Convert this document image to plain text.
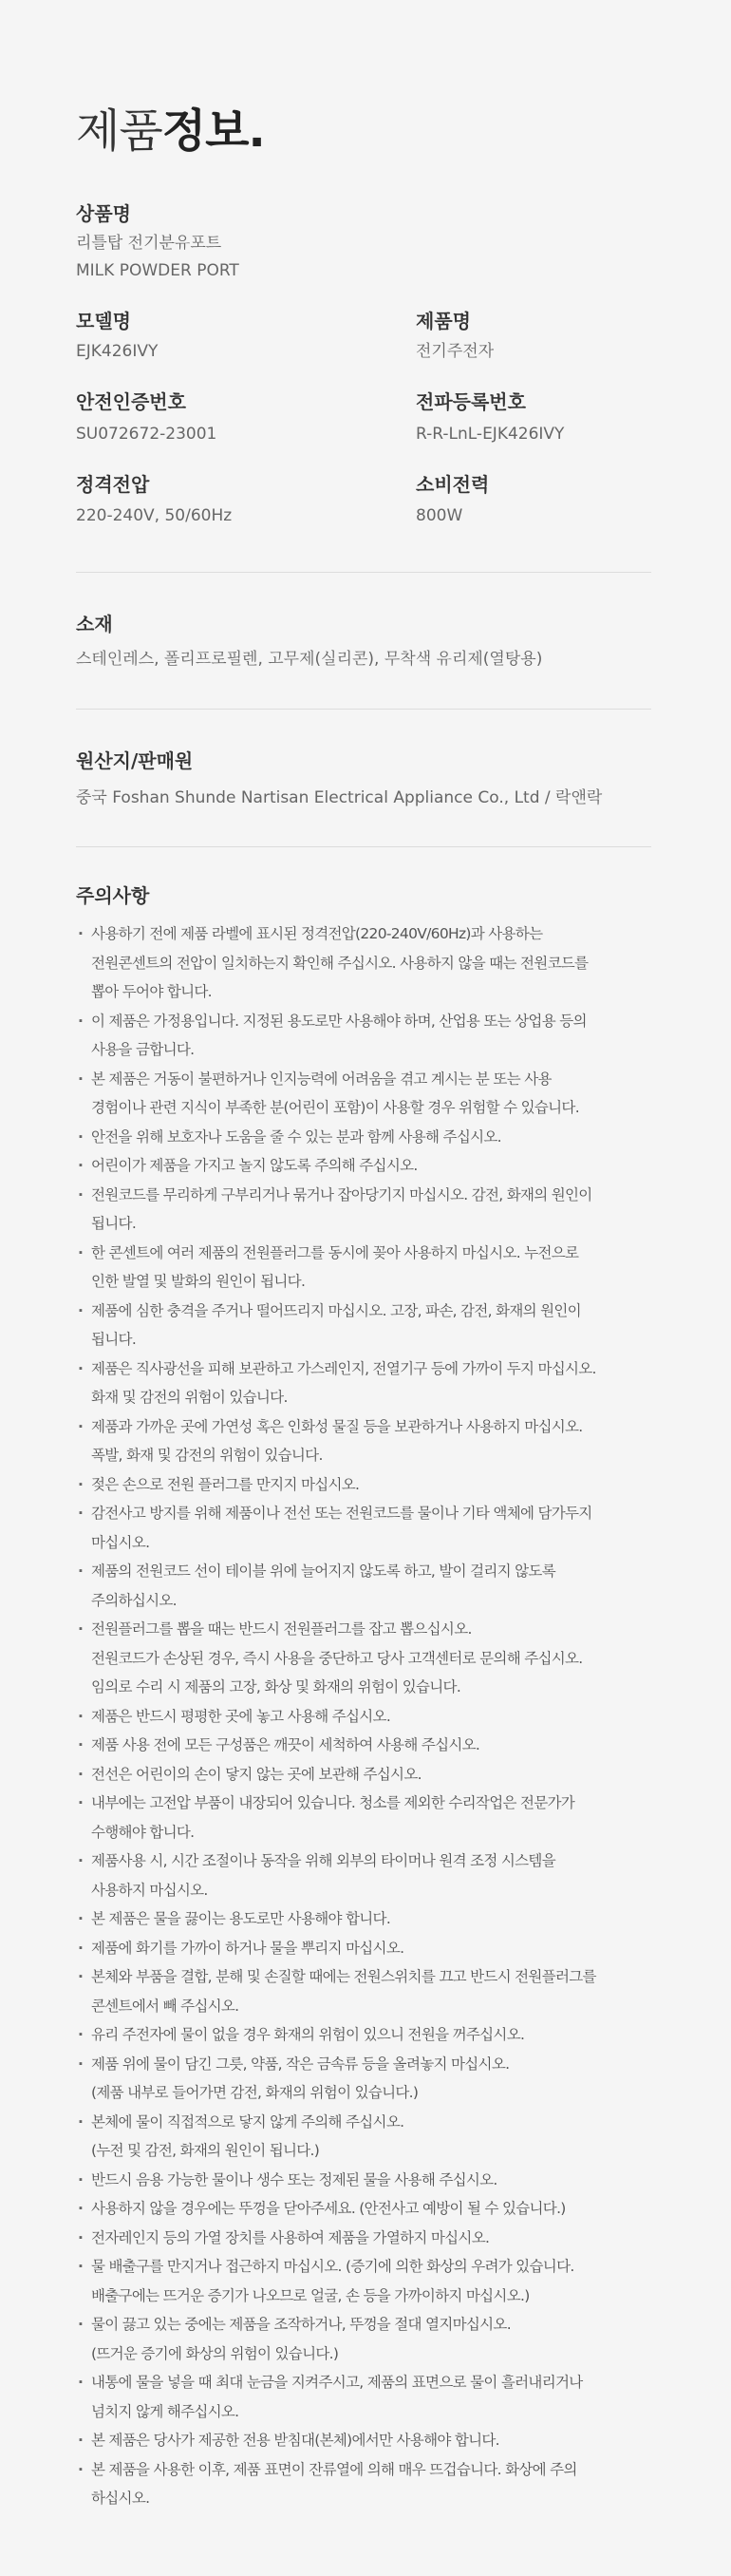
제품정보.
상품명
리틀탑 전기분유포트
MILK POWDER PORT
모델명
EJK426IVY
제품명
전기주전자
안전인증번호
SU072672-23001
전파등록번호
R-R-LnL-EJK426IVY
정격전압
220-240V, 50/60Hz
소비전력
800W
소재
스테인레스, 폴리프로필렌, 고무제(실리콘), 무착색 유리제(열탕용)
원산지/판매원
중국 Foshan Shunde Nartisan Electrical Appliance Co., Ltd / 락앤락
주의사항
· 사용하기 전에 제품 라벨에 표시된 정격전압(220-240V/60Hz)과 사용하는
전원콘센트의 전압이 일치하는지 확인해 주십시오. 사용하지 않을 때는 전원코드를
뽑아 두어야 합니다.
· 이 제품은 가정용입니다. 지정된 용도로만 사용해야 하며, 산업용 또는 상업용 등의
사용을 금합니다.
· 본 제품은 거동이 불편하거나 인지능력에 어려움을 겪고 계시는 분 또는 사용
경험이나 관련 지식이 부족한 분(어린이 포함)이 사용할 경우 위험할 수 있습니다.
· 안전을 위해 보호자나 도움을 줄 수 있는 분과 함께 사용해 주십시오.
· 어린이가 제품을 가지고 놀지 않도록 주의해 주십시오.
· 전원코드를 무리하게 구부리거나 묶거나 잡아당기지 마십시오. 감전, 화재의 원인이
됩니다.
· 한 콘센트에 여러 제품의 전원플러그를 동시에 꽂아 사용하지 마십시오. 누전으로
인한 발열 및 발화의 원인이 됩니다.
· 제품에 심한 충격을 주거나 떨어뜨리지 마십시오. 고장, 파손, 감전, 화재의 원인이
됩니다.
· 제품은 직사광선을 피해 보관하고 가스레인지, 전열기구 등에 가까이 두지 마십시오.
화재 및 감전의 위험이 있습니다.
· 제품과 가까운 곳에 가연성 혹은 인화성 물질 등을 보관하거나 사용하지 마십시오.
폭발, 화재 및 감전의 위험이 있습니다.
· 젖은 손으로 전원 플러그를 만지지 마십시오.
· 감전사고 방지를 위해 제품이나 전선 또는 전원코드를 물이나 기타 액체에 담가두지
마십시오.
· 제품의 전원코드 선이 테이블 위에 늘어지지 않도록 하고, 발이 걸리지 않도록
주의하십시오.
· 전원플러그를 뽑을 때는 반드시 전원플러그를 잡고 뽑으십시오.
전원코드가 손상된 경우, 즉시 사용을 중단하고 당사 고객센터로 문의해 주십시오.
임의로 수리 시 제품의 고장, 화상 및 화재의 위험이 있습니다.
· 제품은 반드시 평평한 곳에 놓고 사용해 주십시오.
· 제품 사용 전에 모든 구성품은 깨끗이 세척하여 사용해 주십시오.
· 전선은 어린이의 손이 닿지 않는 곳에 보관해 주십시오.
· 내부에는 고전압 부품이 내장되어 있습니다. 청소를 제외한 수리작업은 전문가가
수행해야 합니다.
· 제품사용 시, 시간 조절이나 동작을 위해 외부의 타이머나 원격 조정 시스템을
사용하지 마십시오.
· 본 제품은 물을 끓이는 용도로만 사용해야 합니다.
· 제품에 화기를 가까이 하거나 물을 뿌리지 마십시오.
· 본체와 부품을 결합, 분해 및 손질할 때에는 전원스위치를 끄고 반드시 전원플러그를
콘센트에서 빼 주십시오.
· 유리 주전자에 물이 없을 경우 화재의 위험이 있으니 전원을 꺼주십시오.
· 제품 위에 물이 담긴 그릇, 약품, 작은 금속류 등을 올려놓지 마십시오.
(제품 내부로 들어가면 감전, 화재의 위험이 있습니다.)
· 본체에 물이 직접적으로 닿지 않게 주의해 주십시오.
(누전 및 감전, 화재의 원인이 됩니다.)
· 반드시 음용 가능한 물이나 생수 또는 정제된 물을 사용해 주십시오.
· 사용하지 않을 경우에는 뚜껑을 닫아주세요. (안전사고 예방이 될 수 있습니다.)
· 전자레인지 등의 가열 장치를 사용하여 제품을 가열하지 마십시오.
· 물 배출구를 만지거나 접근하지 마십시오. (증기에 의한 화상의 우려가 있습니다.
배출구에는 뜨거운 증기가 나오므로 얼굴, 손 등을 가까이하지 마십시오.)
· 물이 끓고 있는 중에는 제품을 조작하거나, 뚜껑을 절대 열지마십시오.
(뜨거운 증기에 화상의 위험이 있습니다.)
· 내통에 물을 넣을 때 최대 눈금을 지켜주시고, 제품의 표면으로 물이 흘러내리거나
넘치지 않게 해주십시오.
· 본 제품은 당사가 제공한 전용 받침대(본체)에서만 사용해야 합니다.
· 본 제품을 사용한 이후, 제품 표면이 잔류열에 의해 매우 뜨겁습니다. 화상에 주의
하십시오.
